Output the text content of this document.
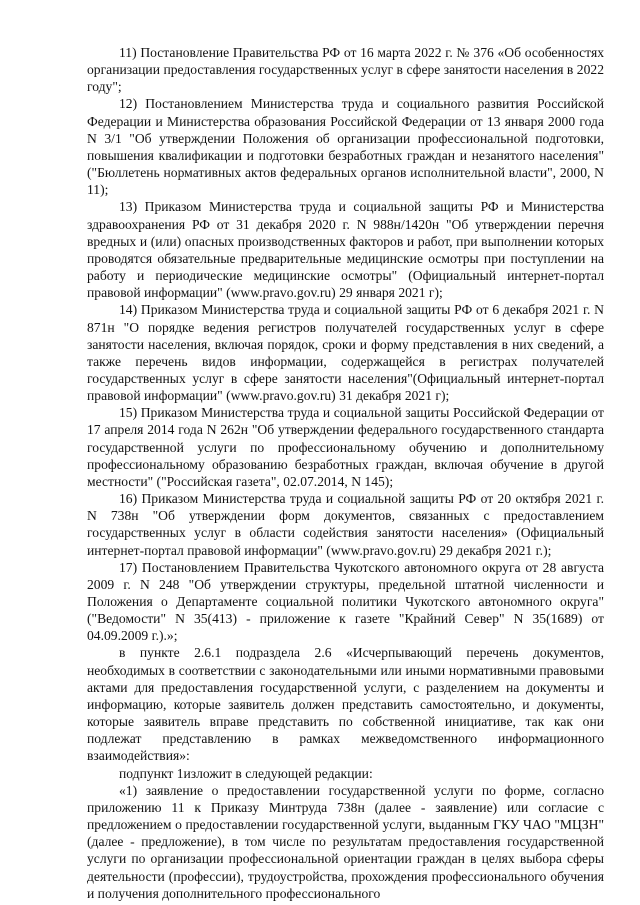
11) Постановление Правительства РФ от 16 марта 2022 г. № 376 «Об особенностях организации предоставления государственных услуг в сфере занятости населения в 2022 году";

12) Постановлением Министерства труда и социального развития Российской Федерации и Министерства образования Российской Федерации от 13 января 2000 года N 3/1 "Об утверждении Положения об организации профессиональной подготовки, повышения квалификации и подготовки безработных граждан и незанятого населения" ("Бюллетень нормативных актов федеральных органов исполнительной власти", 2000, N 11);

13) Приказом Министерства труда и социальной защиты РФ и Министерства здравоохранения РФ от 31 декабря 2020 г. N 988н/1420н "Об утверждении перечня вредных и (или) опасных производственных факторов и работ, при выполнении которых проводятся обязательные предварительные медицинские осмотры при поступлении на работу и периодические медицинские осмотры" (Официальный интернет-портал правовой информации" (www.pravo.gov.ru) 29 января 2021 г);

14) Приказом Министерства труда и социальной защиты РФ от 6 декабря 2021 г. N 871н "О порядке ведения регистров получателей государственных услуг в сфере занятости населения, включая порядок, сроки и форму представления в них сведений, а также перечень видов информации, содержащейся в регистрах получателей государственных услуг в сфере занятости населения"(Официальный интернет-портал правовой информации" (www.pravo.gov.ru) 31 декабря 2021 г);

15) Приказом Министерства труда и социальной защиты Российской Федерации от 17 апреля 2014 года N 262н "Об утверждении федерального государственного стандарта государственной услуги по профессиональному обучению и дополнительному профессиональному образованию безработных граждан, включая обучение в другой местности" ("Российская газета", 02.07.2014, N 145);

16) Приказом Министерства труда и социальной защиты РФ от 20 октября 2021 г. N 738н "Об утверждении форм документов, связанных с предоставлением государственных услуг в области содействия занятости населения» (Официальный интернет-портал правовой информации" (www.pravo.gov.ru) 29 декабря 2021 г.);

17) Постановлением Правительства Чукотского автономного округа от 28 августа 2009 г. N 248 "Об утверждении структуры, предельной штатной численности и Положения о Департаменте социальной политики Чукотского автономного округа" ("Ведомости" N 35(413) - приложение к газете "Крайний Север" N 35(1689) от 04.09.2009 г.).»;

в пункте 2.6.1 подраздела 2.6 «Исчерпывающий перечень документов, необходимых в соответствии с законодательными или иными нормативными правовыми актами для предоставления государственной услуги, с разделением на документы и информацию, которые заявитель должен представить самостоятельно, и документы, которые заявитель вправе представить по собственной инициативе, так как они подлежат представлению в рамках межведомственного информационного взаимодействия»:

подпункт 1изложит в следующей редакции:

«1) заявление о предоставлении государственной услуги по форме, согласно приложению 11 к Приказу Минтруда 738н (далее - заявление) или согласие с предложением о предоставлении государственной услуги, выданным ГКУ ЧАО "МЦЗН" (далее - предложение), в том числе по результатам предоставления государственной услуги по организации профессиональной ориентации граждан в целях выбора сферы деятельности (профессии), трудоустройства, прохождения профессионального обучения и получения дополнительного профессионального
